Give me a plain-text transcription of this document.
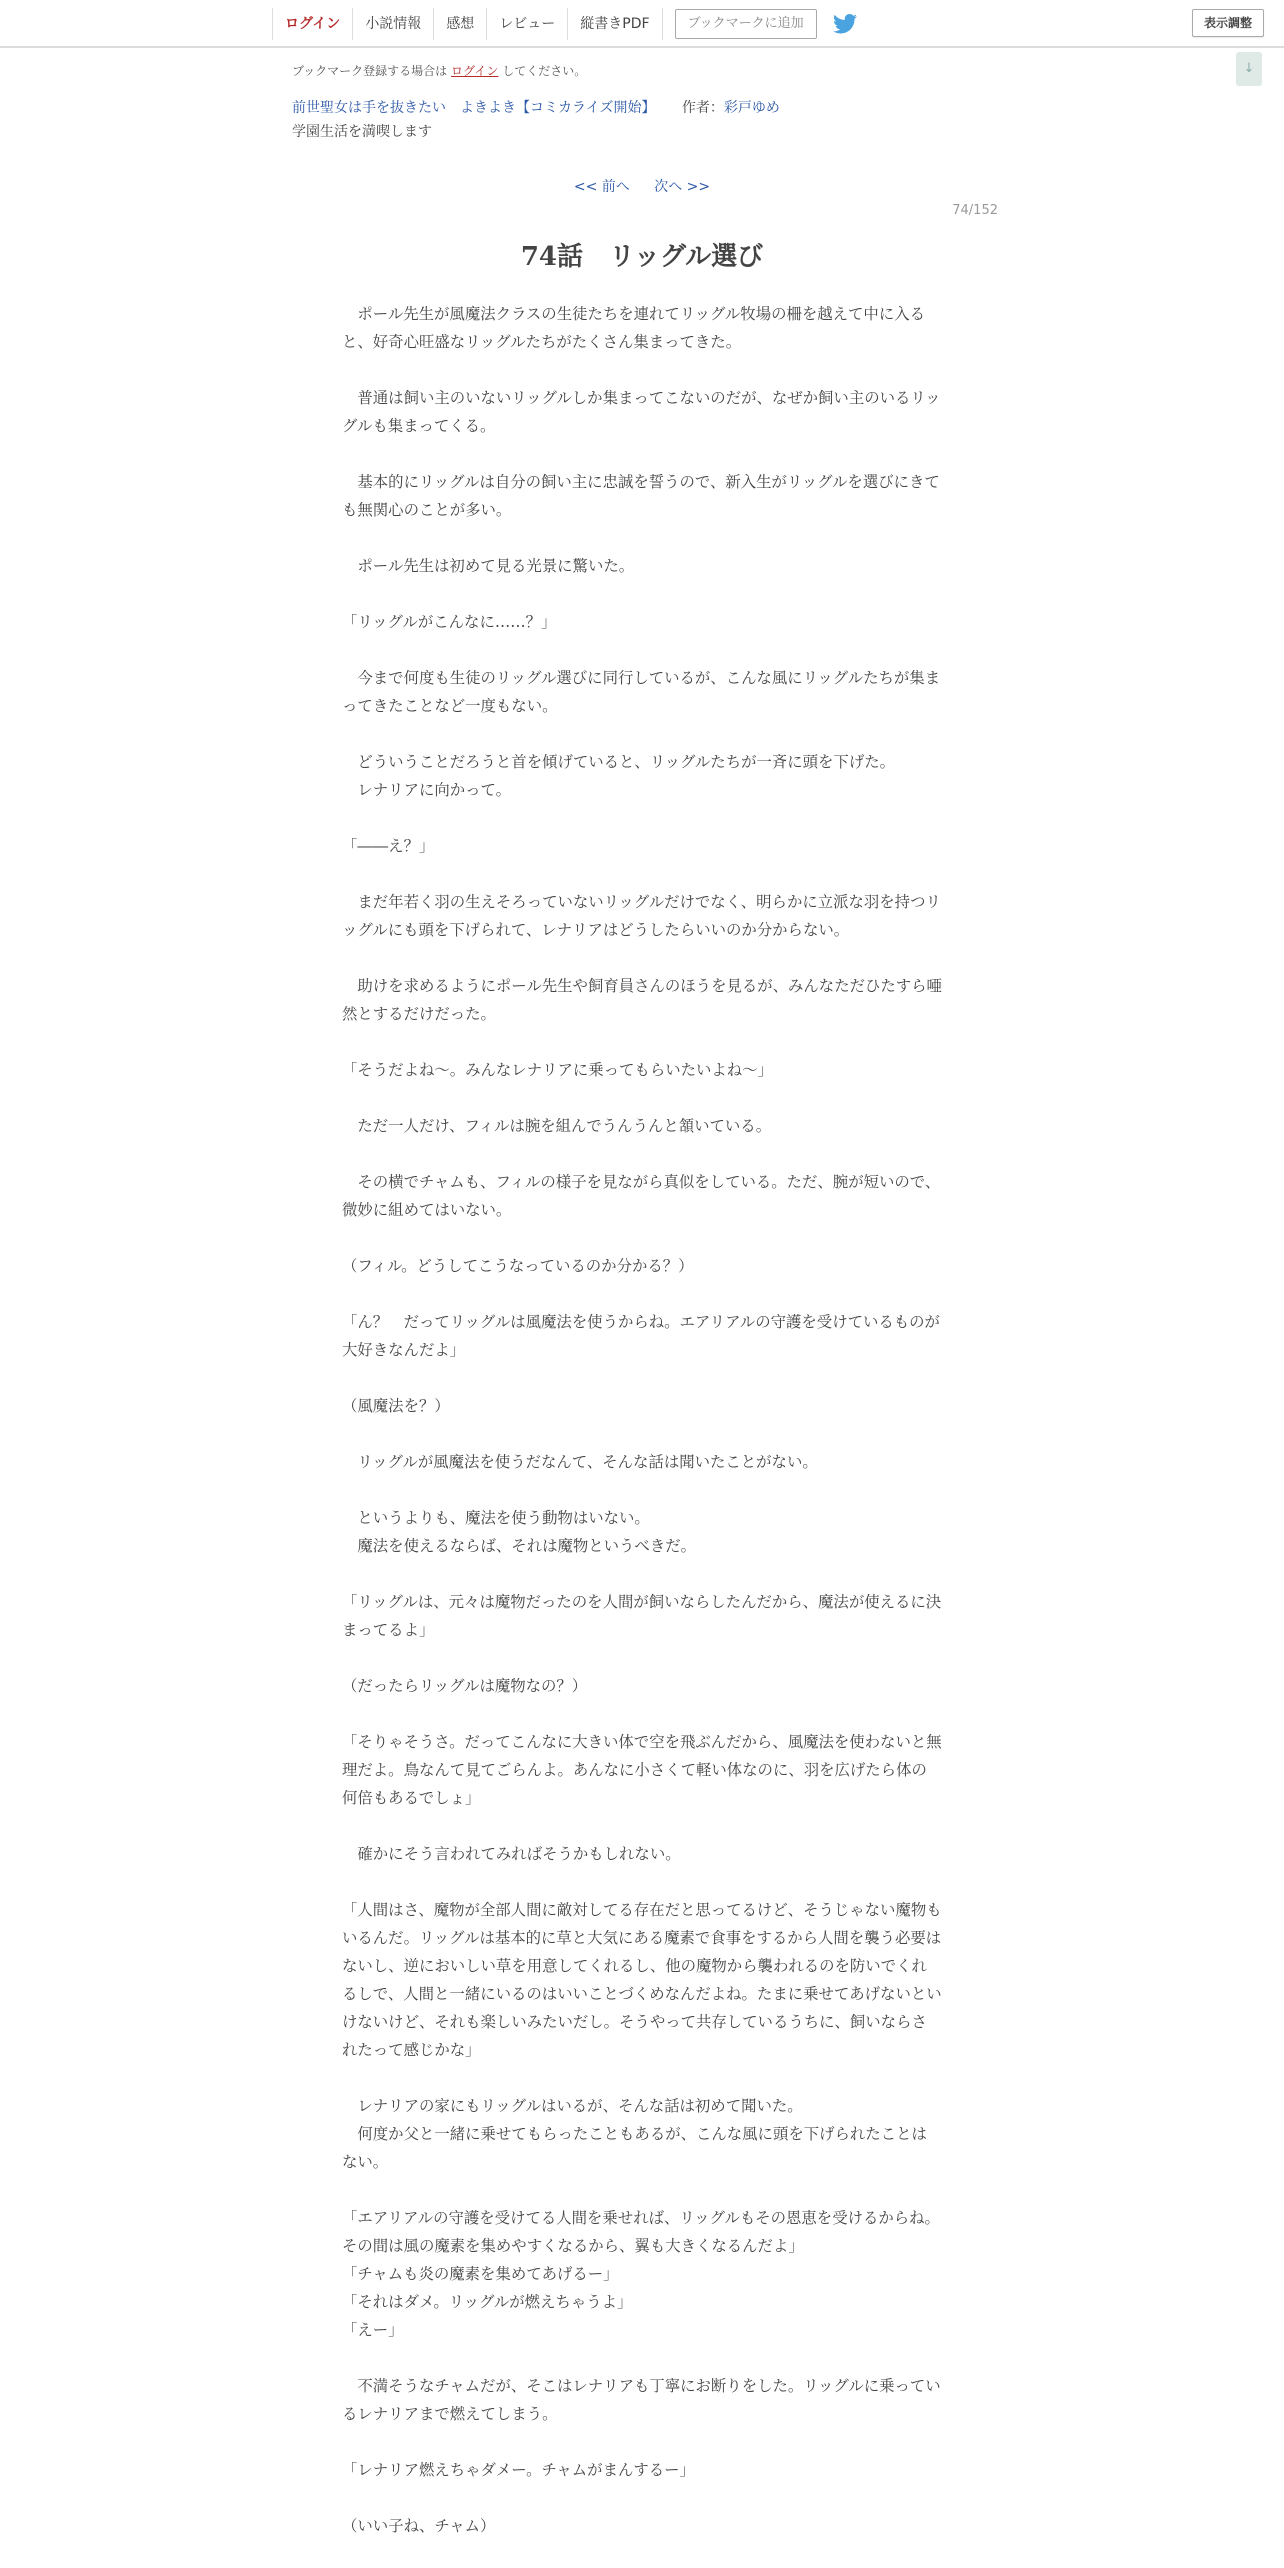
ログイン	小説情報	感想	レビュー	縦書きPDF	ブックマークに追加	表示調整
↓
ブックマーク登録する場合は ログイン してください。
前世聖女は手を抜きたい　よきよき【コミカライズ開始】 作者：彩戸ゆめ
学園生活を満喫します
<< 前へ 次へ >>
74/152
74話　リッグル選び

　ポール先生が風魔法クラスの生徒たちを連れてリッグル牧場の柵を越えて中に入ると、好奇心旺盛なリッグルたちがたくさん集まってきた。

　普通は飼い主のいないリッグルしか集まってこないのだが、なぜか飼い主のいるリッグルも集まってくる。

　基本的にリッグルは自分の飼い主に忠誠を誓うので、新入生がリッグルを選びにきても無関心のことが多い。

　ポール先生は初めて見る光景に驚いた。

「リッグルがこんなに……？」

　今まで何度も生徒のリッグル選びに同行しているが、こんな風にリッグルたちが集まってきたことなど一度もない。

　どういうことだろうと首を傾げていると、リッグルたちが一斉に頭を下げた。
　レナリアに向かって。

「――え？」

　まだ年若く羽の生えそろっていないリッグルだけでなく、明らかに立派な羽を持つリッグルにも頭を下げられて、レナリアはどうしたらいいのか分からない。

　助けを求めるようにポール先生や飼育員さんのほうを見るが、みんなただひたすら唖然とするだけだった。

「そうだよね～。みんなレナリアに乗ってもらいたいよね～」

　ただ一人だけ、フィルは腕を組んでうんうんと頷いている。

　その横でチャムも、フィルの様子を見ながら真似をしている。ただ、腕が短いので、微妙に組めてはいない。

（フィル。どうしてこうなっているのか分かる？）

「ん？　だってリッグルは風魔法を使うからね。エアリアルの守護を受けているものが大好きなんだよ」

（風魔法を？）

　リッグルが風魔法を使うだなんて、そんな話は聞いたことがない。

　というよりも、魔法を使う動物はいない。
　魔法を使えるならば、それは魔物というべきだ。

「リッグルは、元々は魔物だったのを人間が飼いならしたんだから、魔法が使えるに決まってるよ」

（だったらリッグルは魔物なの？）

「そりゃそうさ。だってこんなに大きい体で空を飛ぶんだから、風魔法を使わないと無理だよ。鳥なんて見てごらんよ。あんなに小さくて軽い体なのに、羽を広げたら体の何倍もあるでしょ」

　確かにそう言われてみればそうかもしれない。

「人間はさ、魔物が全部人間に敵対してる存在だと思ってるけど、そうじゃない魔物もいるんだ。リッグルは基本的に草と大気にある魔素で食事をするから人間を襲う必要はないし、逆においしい草を用意してくれるし、他の魔物から襲われるのを防いでくれるしで、人間と一緒にいるのはいいことづくめなんだよね。たまに乗せてあげないといけないけど、それも楽しいみたいだし。そうやって共存しているうちに、飼いならされたって感じかな」

　レナリアの家にもリッグルはいるが、そんな話は初めて聞いた。
　何度か父と一緒に乗せてもらったこともあるが、こんな風に頭を下げられたことはない。

「エアリアルの守護を受けてる人間を乗せれば、リッグルもその恩恵を受けるからね。その間は風の魔素を集めやすくなるから、翼も大きくなるんだよ」
「チャムも炎の魔素を集めてあげるー」
「それはダメ。リッグルが燃えちゃうよ」
「えー」

　不満そうなチャムだが、そこはレナリアも丁寧にお断りをした。リッグルに乗っているレナリアまで燃えてしまう。

「レナリア燃えちゃダメー。チャムがまんするー」

（いい子ね、チャム）
